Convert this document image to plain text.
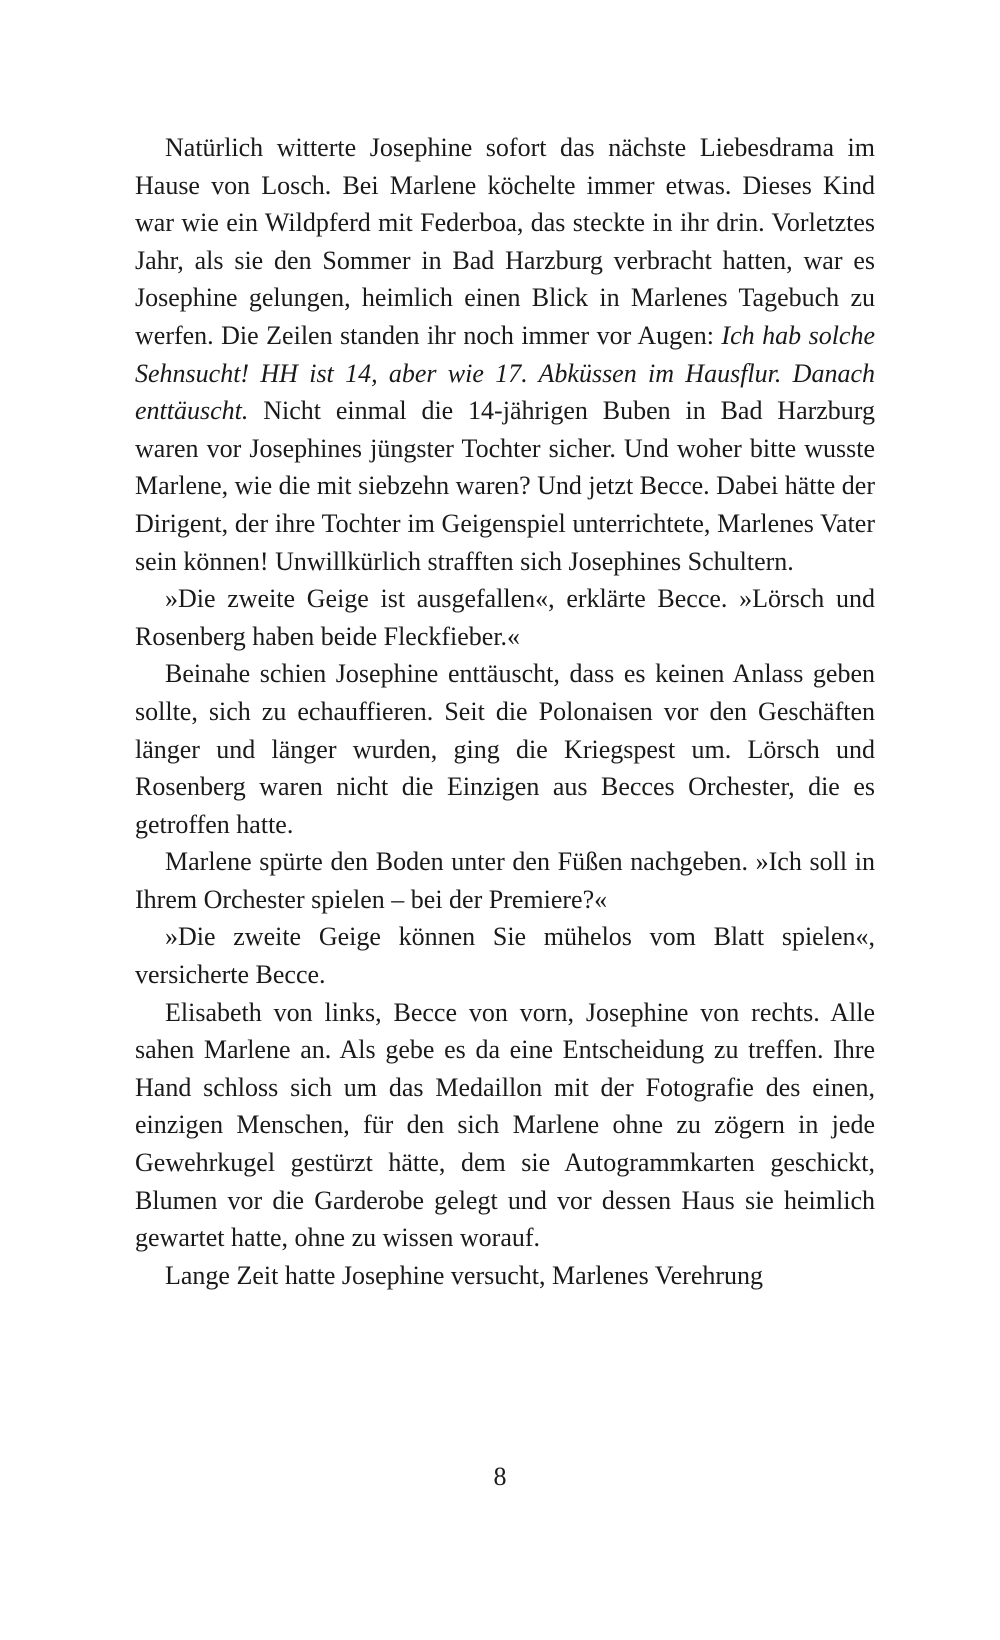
Natürlich witterte Josephine sofort das nächste Liebesdrama im Hause von Losch. Bei Marlene köchelte immer etwas. Dieses Kind war wie ein Wildpferd mit Federboa, das steckte in ihr drin. Vorletztes Jahr, als sie den Sommer in Bad Harzburg verbracht hatten, war es Josephine gelungen, heimlich einen Blick in Marlenes Tagebuch zu werfen. Die Zeilen standen ihr noch immer vor Augen: Ich hab solche Sehnsucht! HH ist 14, aber wie 17. Abküssen im Hausflur. Danach enttäuscht. Nicht einmal die 14-jährigen Buben in Bad Harzburg waren vor Josephines jüngster Tochter sicher. Und woher bitte wusste Marlene, wie die mit siebzehn waren? Und jetzt Becce. Dabei hätte der Dirigent, der ihre Tochter im Geigenspiel unterrichtete, Marlenes Vater sein können! Unwillkürlich strafften sich Josephines Schultern.

»Die zweite Geige ist ausgefallen«, erklärte Becce. »Lörsch und Rosenberg haben beide Fleckfieber.«

Beinahe schien Josephine enttäuscht, dass es keinen Anlass geben sollte, sich zu echauffieren. Seit die Polonaisen vor den Geschäften länger und länger wurden, ging die Kriegspest um. Lörsch und Rosenberg waren nicht die Einzigen aus Becces Orchester, die es getroffen hatte.

Marlene spürte den Boden unter den Füßen nachgeben. »Ich soll in Ihrem Orchester spielen – bei der Premiere?«

»Die zweite Geige können Sie mühelos vom Blatt spielen«, versicherte Becce.

Elisabeth von links, Becce von vorn, Josephine von rechts. Alle sahen Marlene an. Als gebe es da eine Entscheidung zu treffen. Ihre Hand schloss sich um das Medaillon mit der Fotografie des einen, einzigen Menschen, für den sich Marlene ohne zu zögern in jede Gewehrkugel gestürzt hätte, dem sie Autogrammkarten geschickt, Blumen vor die Garderobe gelegt und vor dessen Haus sie heimlich gewartet hatte, ohne zu wissen worauf.

Lange Zeit hatte Josephine versucht, Marlenes Verehrung

8
